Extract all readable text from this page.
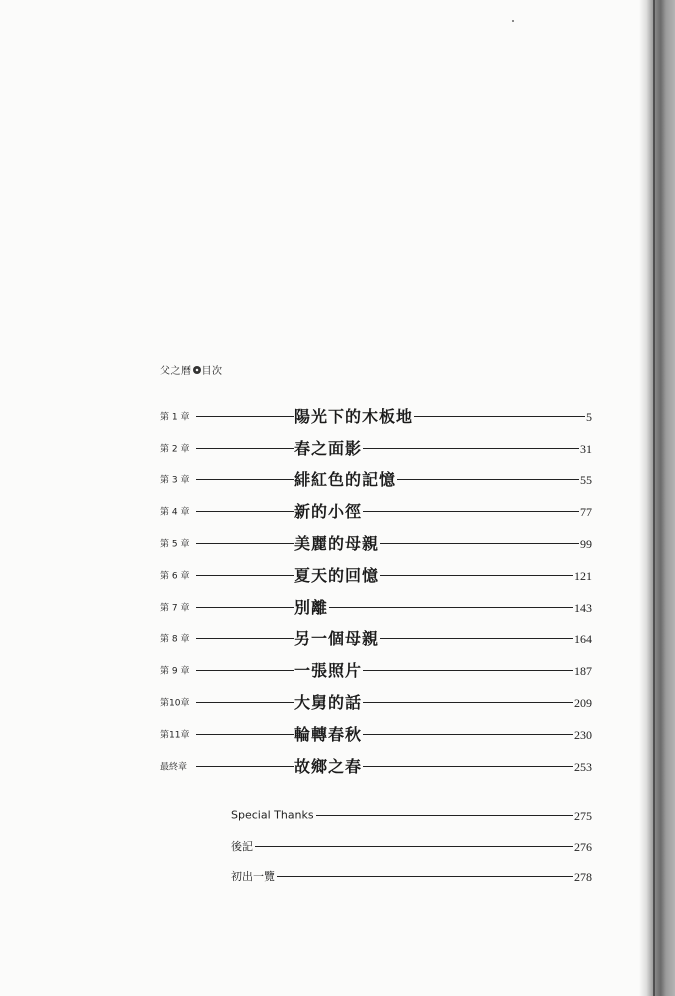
父之曆 目次
第 1 章	陽光下的木板地	5
第 2 章	春之面影	31
第 3 章	緋紅色的記憶	55
第 4 章	新的小徑	77
第 5 章	美麗的母親	99
第 6 章	夏天的回憶	121
第 7 章	別離	143
第 8 章	另一個母親	164
第 9 章	一張照片	187
第10章	大舅的話	209
第11章	輪轉春秋	230
最終章	故鄉之春	253
Special Thanks	275
後記	276
初出一覽	278
